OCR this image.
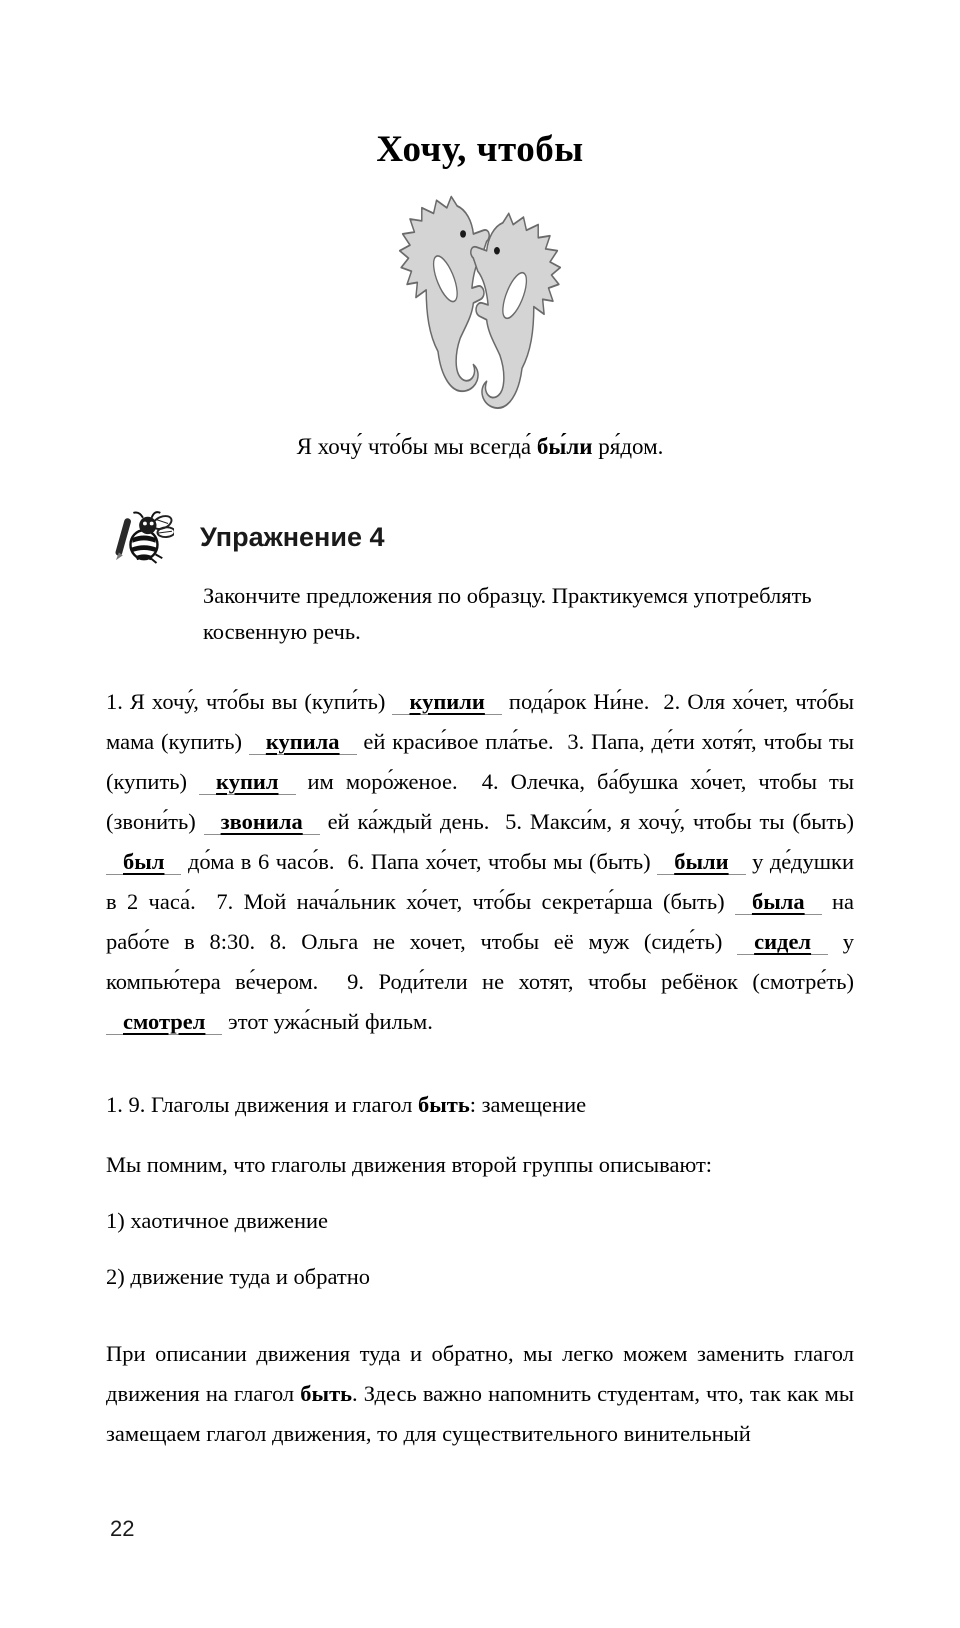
Хочу, чтобы
Я хочу́ что́бы мы всегда́ бы́ли ря́дом.
Упражнение 4
Закончите предложения по образцу. Практикуемся употреблять косвенную речь.
1. Я хочу́, что́бы вы (купи́ть) купили пода́рок Ни́не.  2. Оля хо́чет, что́бы мама (купить) купила ей краси́вое пла́тье.  3. Папа, де́ти хотя́т, чтобы ты (купить) купил им моро́женое.  4. Олечка, ба́бушка хо́чет, чтобы ты (звони́ть) звонила ей ка́ждый день.  5. Макси́м, я хочу́, чтобы ты (быть) был до́ма в 6 часо́в.  6. Папа хо́чет, чтобы мы (быть) были у де́душки в 2 часа́.  7. Мой нача́льник хо́чет, что́бы секрета́рша (быть) была на рабо́те в 8:30. 8. Ольга не хочет, чтобы её муж (сиде́ть) сидел у компью́тера ве́чером.  9. Роди́тели не хотят, чтобы ребёнок (смотре́ть) смотрел этот ужа́сный фильм.
1. 9. Глаголы движения и глагол быть: замещение
Мы помним, что глаголы движения второй группы описывают:
1) хаотичное движение
2) движение туда и обратно
При описании движения туда и обратно, мы легко можем заменить глагол движения на глагол быть. Здесь важно напомнить студентам, что, так как мы замещаем глагол движения, то для существительного винительный
22
